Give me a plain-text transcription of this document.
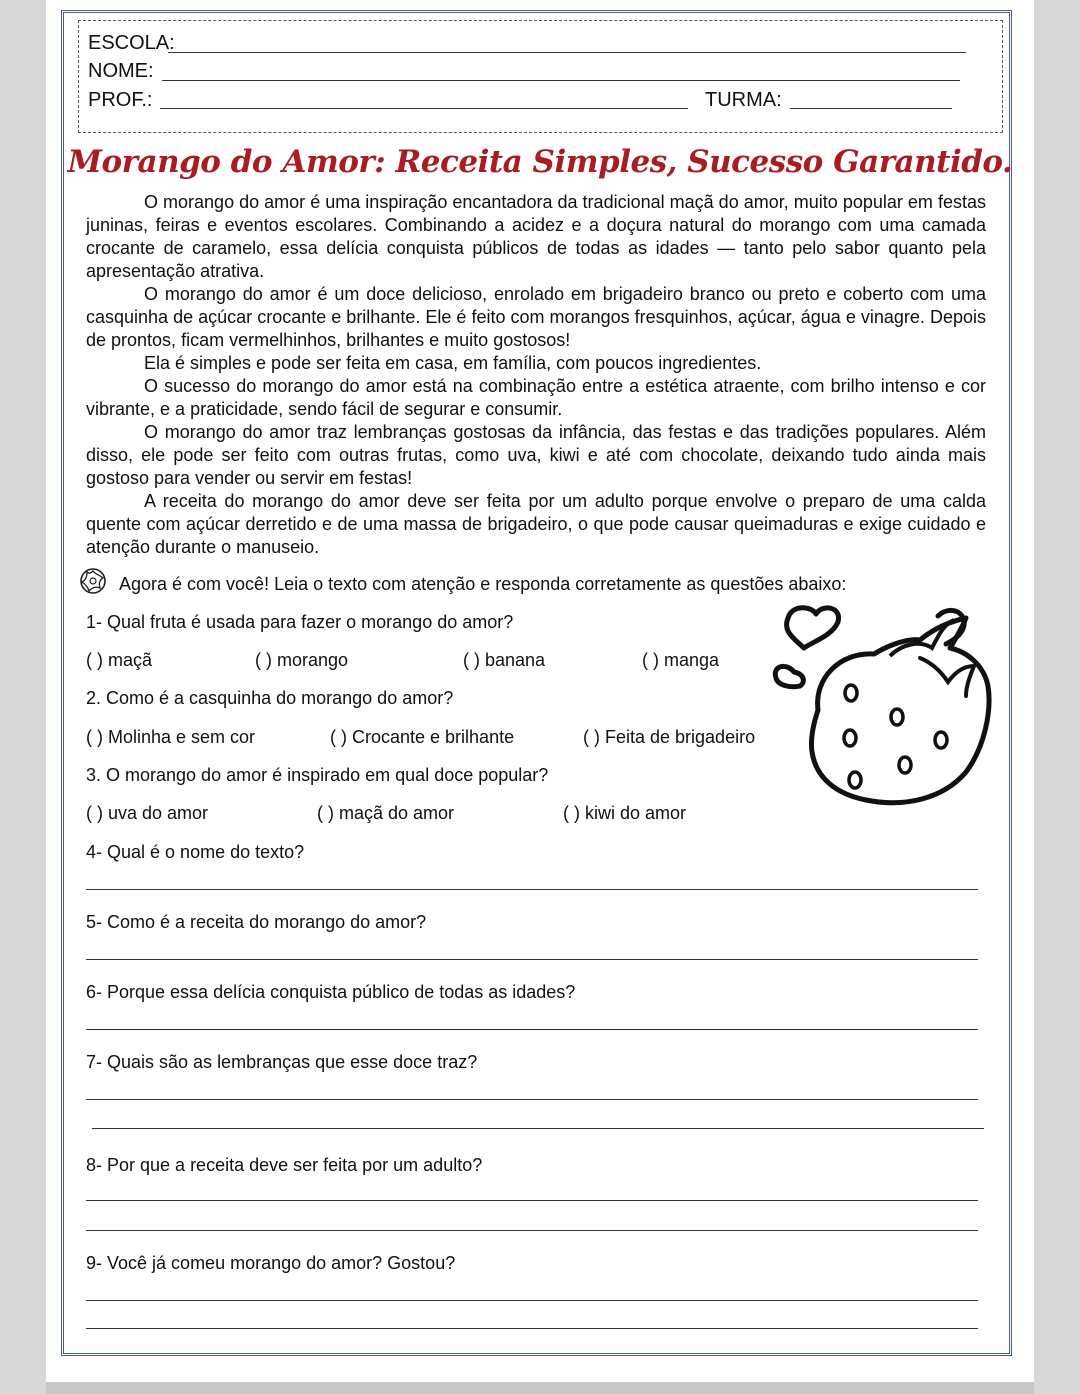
ESCOLA:
NOME:
PROF.:	TURMA:
Morango do Amor: Receita Simples, Sucesso Garantido.

O morango do amor é uma inspiração encantadora da tradicional maçã do amor, muito popular em festas juninas, feiras e eventos escolares. Combinando a acidez e a doçura natural do morango com uma camada crocante de caramelo, essa delícia conquista públicos de todas as idades — tanto pelo sabor quanto pela apresentação atrativa.

O morango do amor é um doce delicioso, enrolado em brigadeiro branco ou preto e coberto com uma casquinha de açúcar crocante e brilhante. Ele é feito com morangos fresquinhos, açúcar, água e vinagre. Depois de prontos, ficam vermelhinhos, brilhantes e muito gostosos!

Ela é simples e pode ser feita em casa, em família, com poucos ingredientes.

O sucesso do morango do amor está na combinação entre a estética atraente, com brilho intenso e cor vibrante, e a praticidade, sendo fácil de segurar e consumir.

O morango do amor traz lembranças gostosas da infância, das festas e das tradições populares. Além disso, ele pode ser feito com outras frutas, como uva, kiwi e até com chocolate, deixando tudo ainda mais gostoso para vender ou servir em festas!

A receita do morango do amor deve ser feita por um adulto porque envolve o preparo de uma calda quente com açúcar derretido e de uma massa de brigadeiro, o que pode causar queimaduras e exige cuidado e atenção durante o manuseio.

Agora é com você! Leia o texto com atenção e responda corretamente as questões abaixo:
1- Qual fruta é usada para fazer o morango do amor?
( ) maçã	( ) morango	( ) banana	( ) manga
2. Como é a casquinha do morango do amor?
( ) Molinha e sem cor	( ) Crocante e brilhante	( ) Feita de brigadeiro
3. O morango do amor é inspirado em qual doce popular?
( ) uva do amor	( ) maçã do amor	( ) kiwi do amor
4- Qual é o nome do texto?
5- Como é a receita do morango do amor?
6- Porque essa delícia conquista público de todas as idades?
7- Quais são as lembranças que esse doce traz?
8- Por que a receita deve ser feita por um adulto?
9- Você já comeu morango do amor? Gostou?
